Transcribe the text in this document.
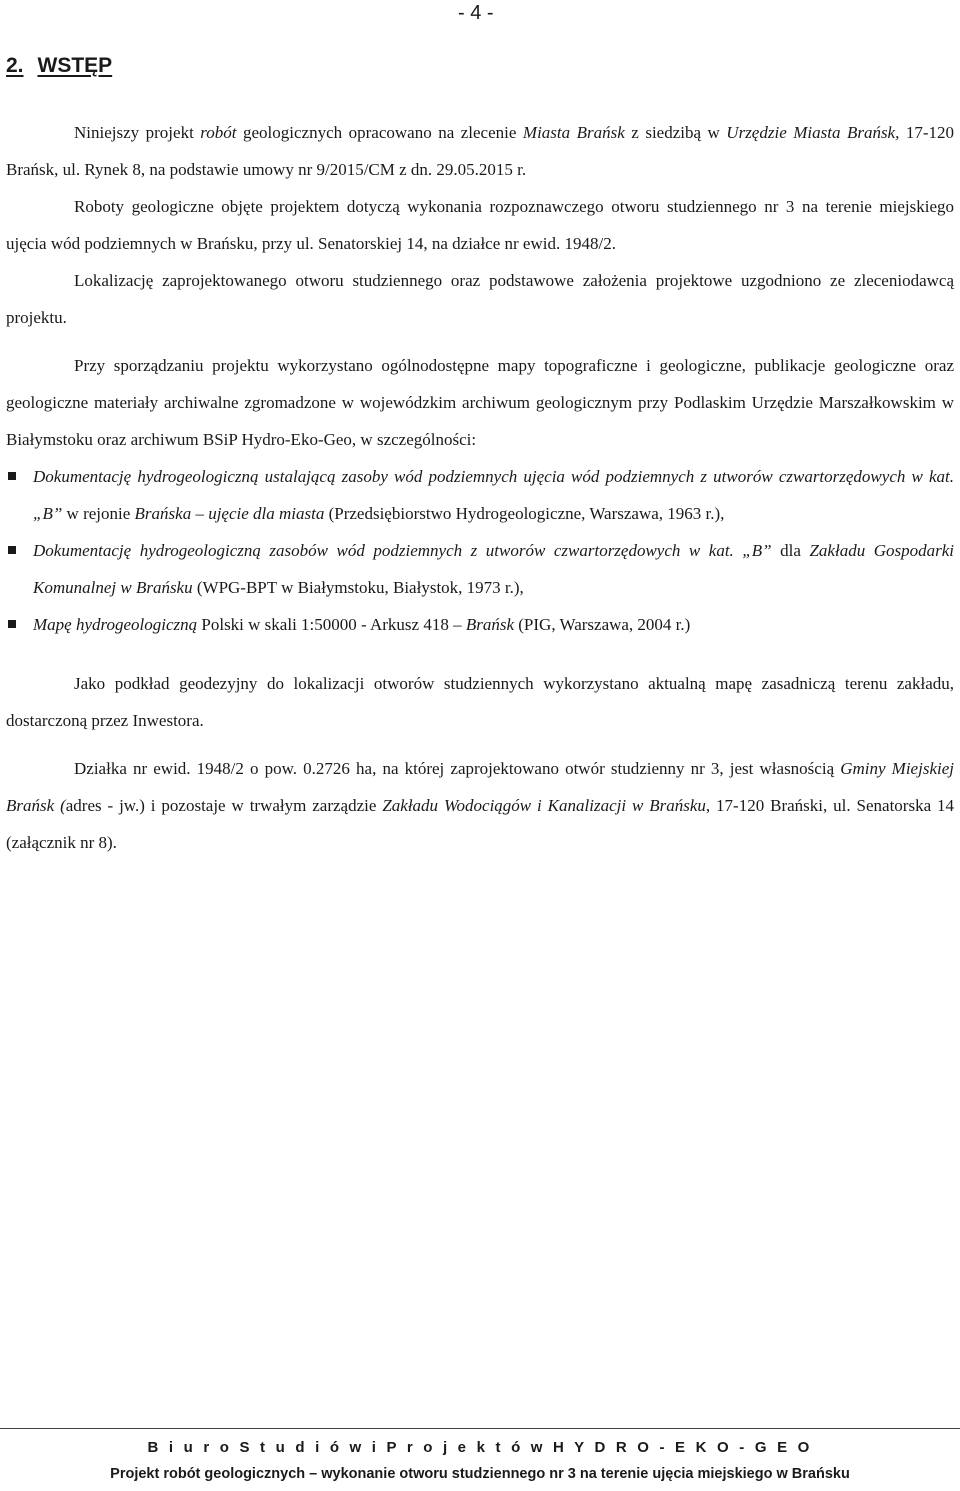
- 4 -
2. WSTĘP

Niniejszy projekt robót geologicznych opracowano na zlecenie Miasta Brańsk z siedzibą w Urzędzie Miasta Brańsk, 17-120 Brańsk, ul. Rynek 8, na podstawie umowy nr 9/2015/CM z dn. 29.05.2015 r.

Roboty geologiczne objęte projektem dotyczą wykonania rozpoznawczego otworu studziennego nr 3 na terenie miejskiego ujęcia wód podziemnych w Brańsku, przy ul. Senatorskiej 14, na działce nr ewid. 1948/2.

Lokalizację zaprojektowanego otworu studziennego oraz podstawowe założenia projektowe uzgodniono ze zleceniodawcą projektu.

Przy sporządzaniu projektu wykorzystano ogólnodostępne mapy topograficzne i geologiczne, publikacje geologiczne oraz geologiczne materiały archiwalne zgromadzone w wojewódzkim archiwum geologicznym przy Podlaskim Urzędzie Marszałkowskim w Białymstoku oraz archiwum BSiP Hydro-Eko-Geo, w szczególności:

Dokumentację hydrogeologiczną ustalającą zasoby wód podziemnych ujęcia wód podziemnych z utworów czwartorzędowych w kat. „B” w rejonie Brańska – ujęcie dla miasta (Przedsiębiorstwo Hydrogeologiczne, Warszawa, 1963 r.),
Dokumentację hydrogeologiczną zasobów wód podziemnych z utworów czwartorzędowych w kat. „B” dla Zakładu Gospodarki Komunalnej w Brańsku (WPG-BPT w Białymstoku, Białystok, 1973 r.),
Mapę hydrogeologiczną Polski w skali 1:50000 - Arkusz 418 – Brańsk (PIG, Warszawa, 2004 r.)

Jako podkład geodezyjny do lokalizacji otworów studziennych wykorzystano aktualną mapę zasadniczą terenu zakładu, dostarczoną przez Inwestora.

Działka nr ewid. 1948/2 o pow. 0.2726 ha, na której zaprojektowano otwór studzienny nr 3, jest własnością Gminy Miejskiej Brańsk (adres - jw.) i pozostaje w trwałym zarządzie Zakładu Wodociągów i Kanalizacji w Brańsku, 17-120 Brański, ul. Senatorska 14 (załącznik nr 8).

B i u r o S t u d i ó w i P r o j e k t ó w H Y D R O - E K O - G E O
Projekt robót geologicznych – wykonanie otworu studziennego nr 3 na terenie ujęcia miejskiego w Brańsku
